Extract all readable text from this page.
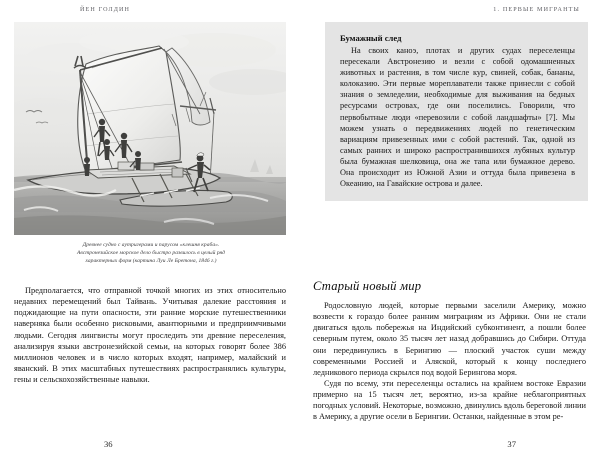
ЙЕН ГОЛДИН
Древнее судно с аутригерами и парусом «клешня краба».
Австронезийское морское дело быстро развилось в целый ряд
характерных форм (картина Луи Ле Бретона, 1846 г.)
Предполагается, что отправной точкой многих из этих относительно недавних перемещений был Тайвань. Учитывая далекие расстояния и поджидающие на пути опасности, эти ранние морские путешественники наверняка были особенно рисковыми, авантюрными и предприимчивыми людьми. Сегодня лингвисты могут проследить эти древние переселения, анализируя языки австронезийской семьи, на которых говорят более 386 миллионов человек и в число которых входят, например, малайский и яванский. В этих масштабных путешествиях распространялись культуры, гены и сельскохозяйственные навыки.
36
1. ПЕРВЫЕ МИГРАНТЫ
Бумажный след
На своих каноэ, плотах и других судах переселенцы пересекали Австронезию и везли с собой одомашненных животных и растения, в том числе кур, свиней, собак, бананы, колоказию. Эти первые мореплаватели также принесли с собой знания о земледелии, необходимые для выживания на бедных ресурсами островах, где они поселились. Говорили, что первобытные люди «перевозили с собой ландшафты» [7]. Мы можем узнать о передвижениях людей по генетическим вариациям привезенных ими с собой растений. Так, одной из самых ранних и широко распространившихся лубяных культур была бумажная шелковица, она же тапа или бумажное дерево. Она происходит из Южной Азии и оттуда была привезена в Океанию, на Гавайские острова и далее.
Старый новый мир
Родословную людей, которые первыми заселили Америку, можно возвести к гораздо более ранним миграциям из Африки. Они не стали двигаться вдоль побережья на Индийский субконтинент, а пошли более северным путем, около 35 тысяч лет назад добравшись до Сибири. Оттуда они передвинулись в Берингию — плоский участок суши между современными Россией и Аляской, который к концу последнего ледникового периода скрылся под водой Берингова моря.
Судя по всему, эти переселенцы остались на крайнем востоке Евразии примерно на 15 тысяч лет, вероятно, из-за крайне неблагоприятных погодных условий. Некоторые, возможно, двинулись вдоль береговой линии в Америку, а другие осели в Берингии. Останки, найденные в этом ре-
37
